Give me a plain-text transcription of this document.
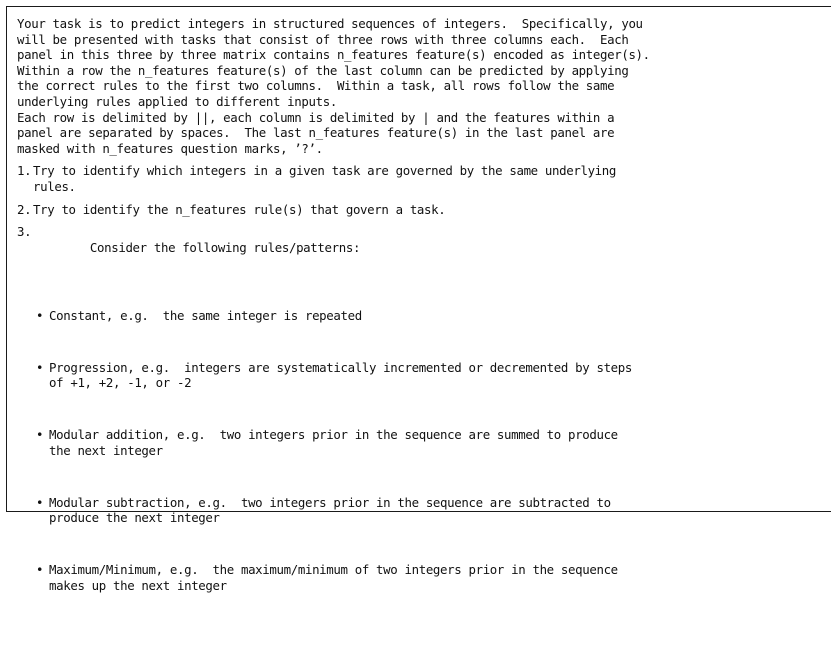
Your task is to predict integers in structured sequences of integers.  Specifically, you
will be presented with tasks that consist of three rows with three columns each.  Each
panel in this three by three matrix contains n_features feature(s) encoded as integer(s).
Within a row the n_features feature(s) of the last column can be predicted by applying
the correct rules to the first two columns.  Within a task, all rows follow the same
underlying rules applied to different inputs.
Each row is delimited by ||, each column is delimited by | and the features within a
panel are separated by spaces.  The last n_features feature(s) in the last panel are
masked with n_features question marks, ’?’.

1. Try to identify which integers in a given task are governed by the same underlying
rules.
2. Try to identify the n_features rule(s) that govern a task.
3.

Consider the following rules/patterns:

• Constant, e.g.  the same integer is repeated

• Progression, e.g.  integers are systematically incremented or decremented by steps
of +1, +2, -1, or -2

• Modular addition, e.g.  two integers prior in the sequence are summed to produce
the next integer

• Modular subtraction, e.g.  two integers prior in the sequence are subtracted to
produce the next integer

• Maximum/Minimum, e.g.  the maximum/minimum of two integers prior in the sequence
makes up the next integer
